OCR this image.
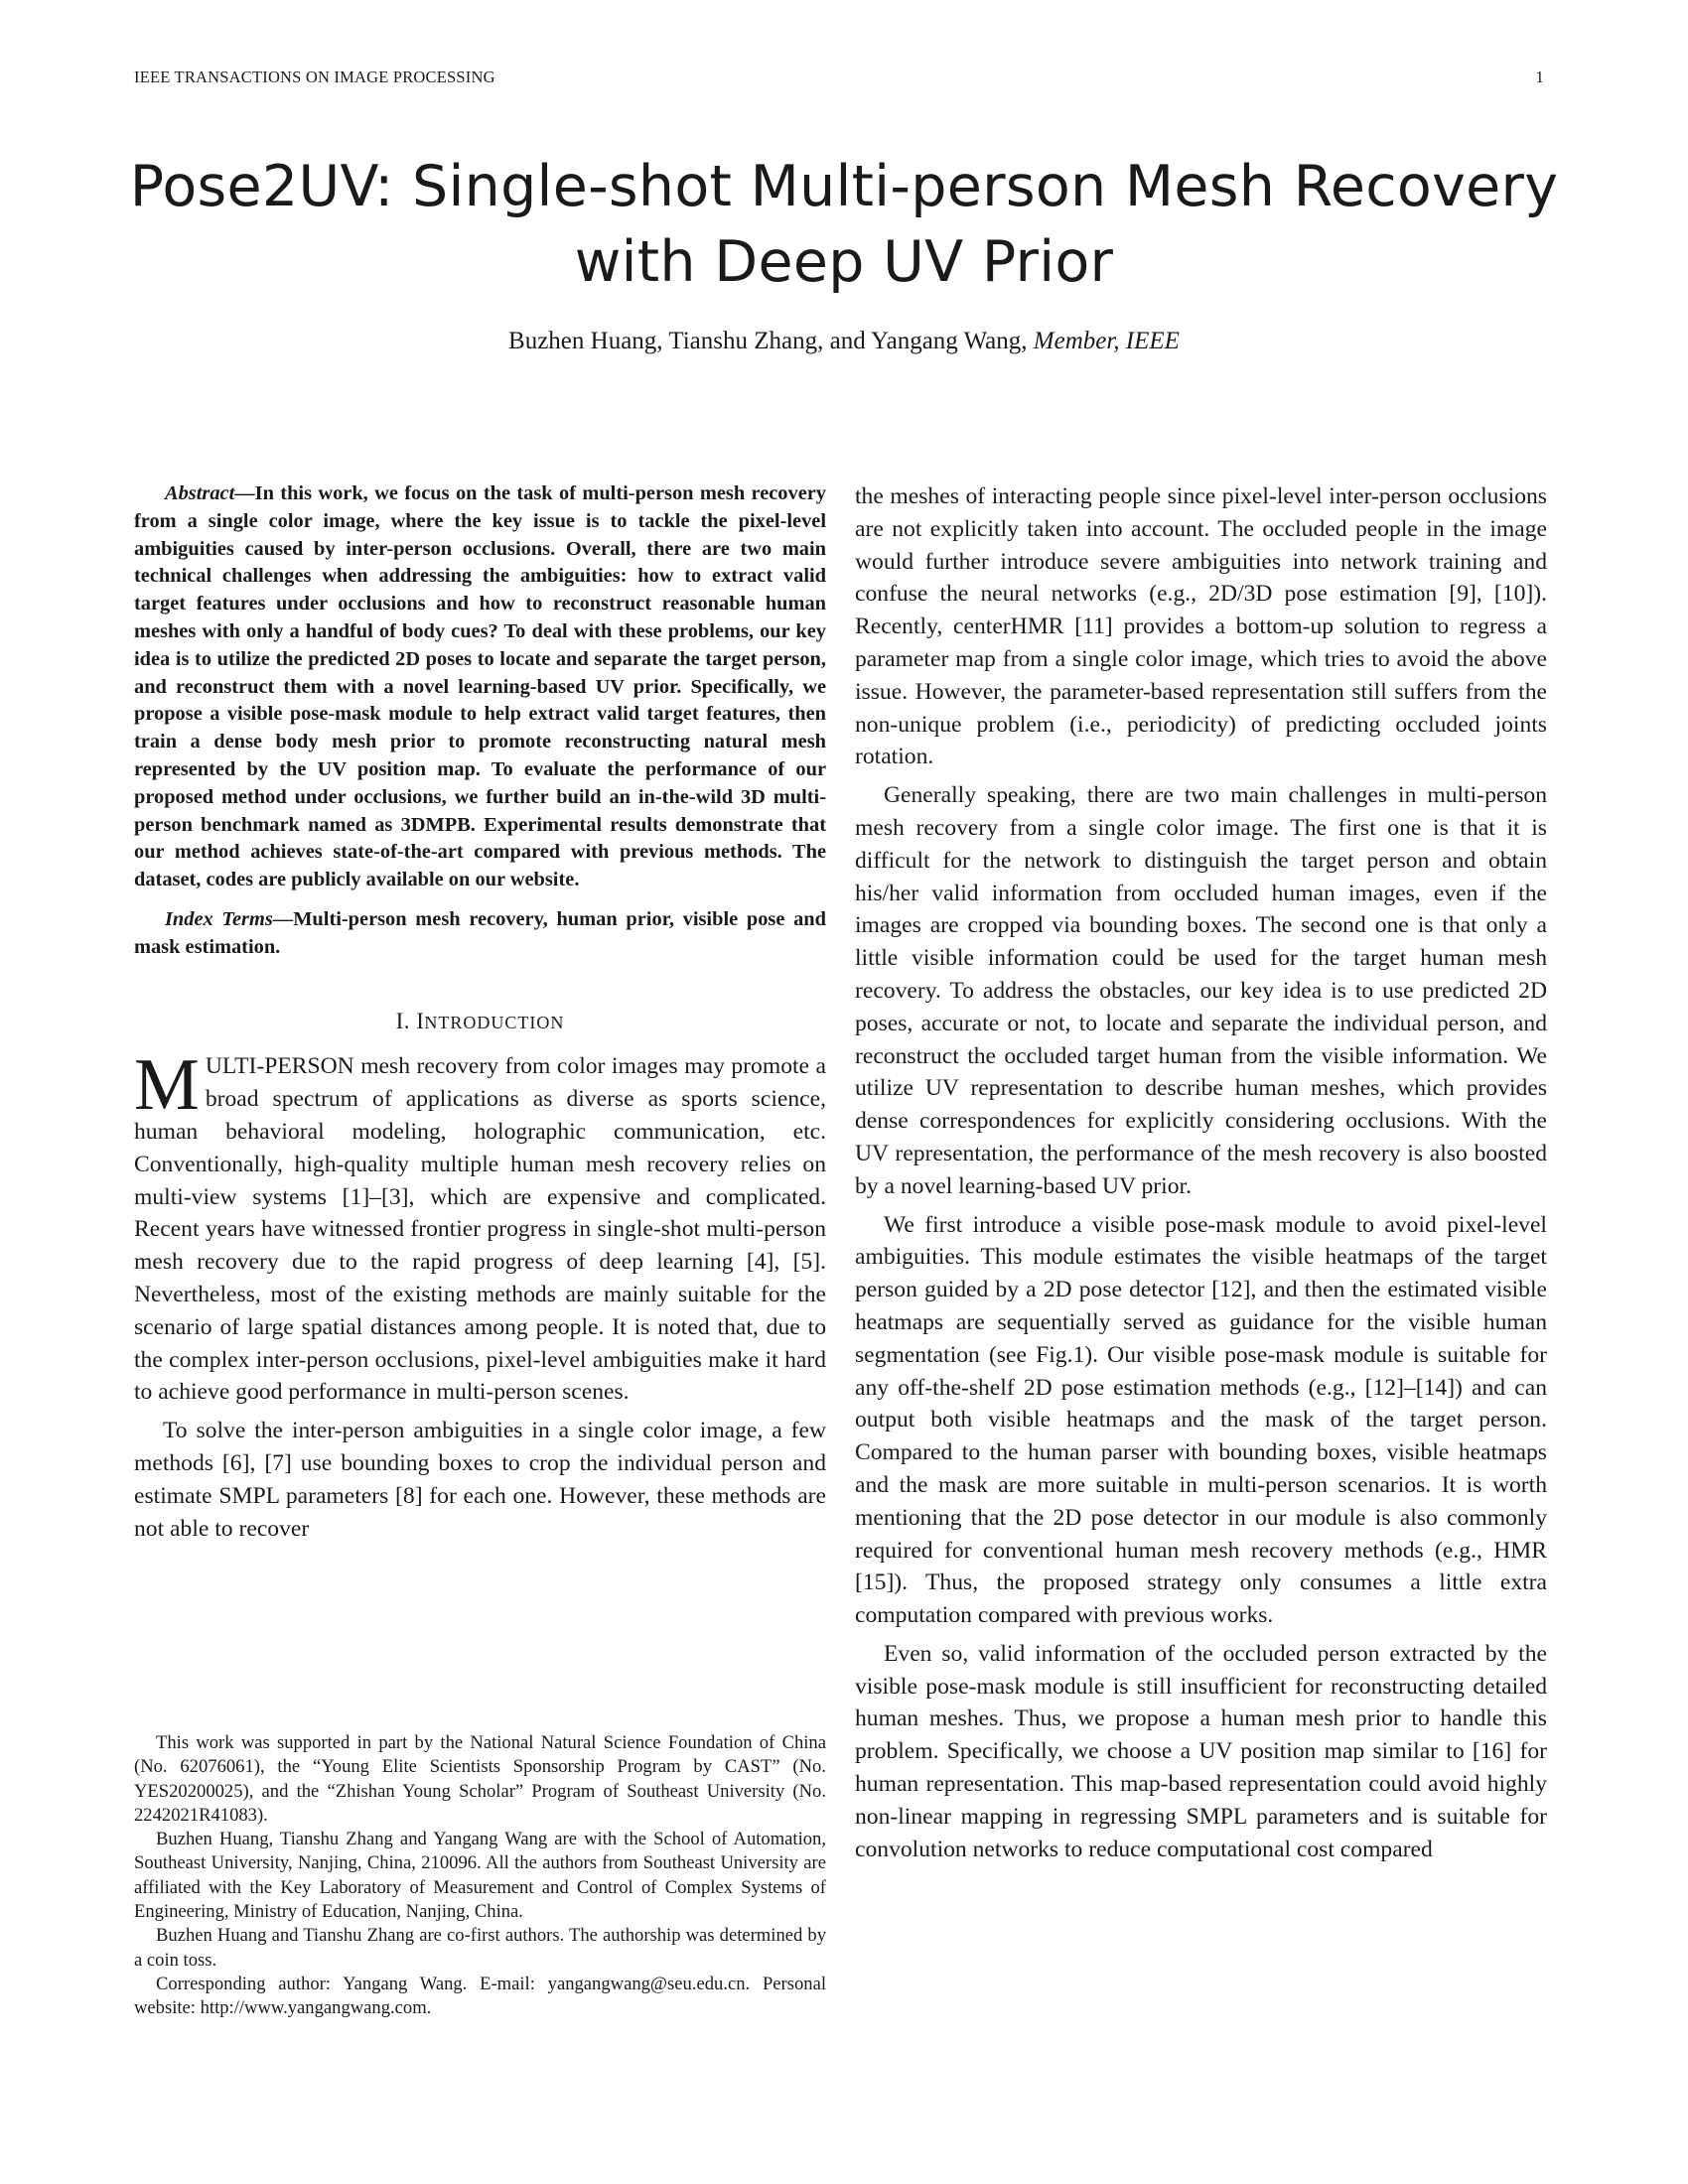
IEEE TRANSACTIONS ON IMAGE PROCESSING	1
Pose2UV: Single-shot Multi-person Mesh Recovery
with Deep UV Prior
Buzhen Huang, Tianshu Zhang, and Yangang Wang, Member, IEEE

Abstract—In this work, we focus on the task of multi-person mesh recovery from a single color image, where the key issue is to tackle the pixel-level ambiguities caused by inter-person occlusions. Overall, there are two main technical challenges when addressing the ambiguities: how to extract valid target features under occlusions and how to reconstruct reasonable human meshes with only a handful of body cues? To deal with these problems, our key idea is to utilize the predicted 2D poses to locate and separate the target person, and reconstruct them with a novel learning-based UV prior. Specifically, we propose a visible pose-mask module to help extract valid target features, then train a dense body mesh prior to promote reconstructing natural mesh represented by the UV position map. To evaluate the performance of our proposed method under occlusions, we further build an in-the-wild 3D multi-person benchmark named as 3DMPB. Experimental results demonstrate that our method achieves state-of-the-art compared with previous methods. The dataset, codes are publicly available on our website.

Index Terms—Multi-person mesh recovery, human prior, visible pose and mask estimation.

I. INTRODUCTION

MULTI-PERSON mesh recovery from color images may promote a broad spectrum of applications as diverse as sports science, human behavioral modeling, holographic communication, etc. Conventionally, high-quality multiple human mesh recovery relies on multi-view systems [1]–[3], which are expensive and complicated. Recent years have witnessed frontier progress in single-shot multi-person mesh recovery due to the rapid progress of deep learning [4], [5]. Nevertheless, most of the existing methods are mainly suitable for the scenario of large spatial distances among people. It is noted that, due to the complex inter-person occlusions, pixel-level ambiguities make it hard to achieve good performance in multi-person scenes.

To solve the inter-person ambiguities in a single color image, a few methods [6], [7] use bounding boxes to crop the individual person and estimate SMPL parameters [8] for each one. However, these methods are not able to recover

This work was supported in part by the National Natural Science Foundation of China (No. 62076061), the “Young Elite Scientists Sponsorship Program by CAST” (No. YES20200025), and the “Zhishan Young Scholar” Program of Southeast University (No. 2242021R41083).

Buzhen Huang, Tianshu Zhang and Yangang Wang are with the School of Automation, Southeast University, Nanjing, China, 210096. All the authors from Southeast University are affiliated with the Key Laboratory of Measurement and Control of Complex Systems of Engineering, Ministry of Education, Nanjing, China.

Buzhen Huang and Tianshu Zhang are co-first authors. The authorship was determined by a coin toss.

Corresponding author: Yangang Wang. E-mail: yangangwang@seu.edu.cn. Personal website: http://www.yangangwang.com.

the meshes of interacting people since pixel-level inter-person occlusions are not explicitly taken into account. The occluded people in the image would further introduce severe ambiguities into network training and confuse the neural networks (e.g., 2D/3D pose estimation [9], [10]). Recently, centerHMR [11] provides a bottom-up solution to regress a parameter map from a single color image, which tries to avoid the above issue. However, the parameter-based representation still suffers from the non-unique problem (i.e., periodicity) of predicting occluded joints rotation.

Generally speaking, there are two main challenges in multi-person mesh recovery from a single color image. The first one is that it is difficult for the network to distinguish the target person and obtain his/her valid information from occluded human images, even if the images are cropped via bounding boxes. The second one is that only a little visible information could be used for the target human mesh recovery. To address the obstacles, our key idea is to use predicted 2D poses, accurate or not, to locate and separate the individual person, and reconstruct the occluded target human from the visible information. We utilize UV representation to describe human meshes, which provides dense correspondences for explicitly considering occlusions. With the UV representation, the performance of the mesh recovery is also boosted by a novel learning-based UV prior.

We first introduce a visible pose-mask module to avoid pixel-level ambiguities. This module estimates the visible heatmaps of the target person guided by a 2D pose detector [12], and then the estimated visible heatmaps are sequentially served as guidance for the visible human segmentation (see Fig.1). Our visible pose-mask module is suitable for any off-the-shelf 2D pose estimation methods (e.g., [12]–[14]) and can output both visible heatmaps and the mask of the target person. Compared to the human parser with bounding boxes, visible heatmaps and the mask are more suitable in multi-person scenarios. It is worth mentioning that the 2D pose detector in our module is also commonly required for conventional human mesh recovery methods (e.g., HMR [15]). Thus, the proposed strategy only consumes a little extra computation compared with previous works.

Even so, valid information of the occluded person extracted by the visible pose-mask module is still insufficient for reconstructing detailed human meshes. Thus, we propose a human mesh prior to handle this problem. Specifically, we choose a UV position map similar to [16] for human representation. This map-based representation could avoid highly non-linear mapping in regressing SMPL parameters and is suitable for convolution networks to reduce computational cost compared
